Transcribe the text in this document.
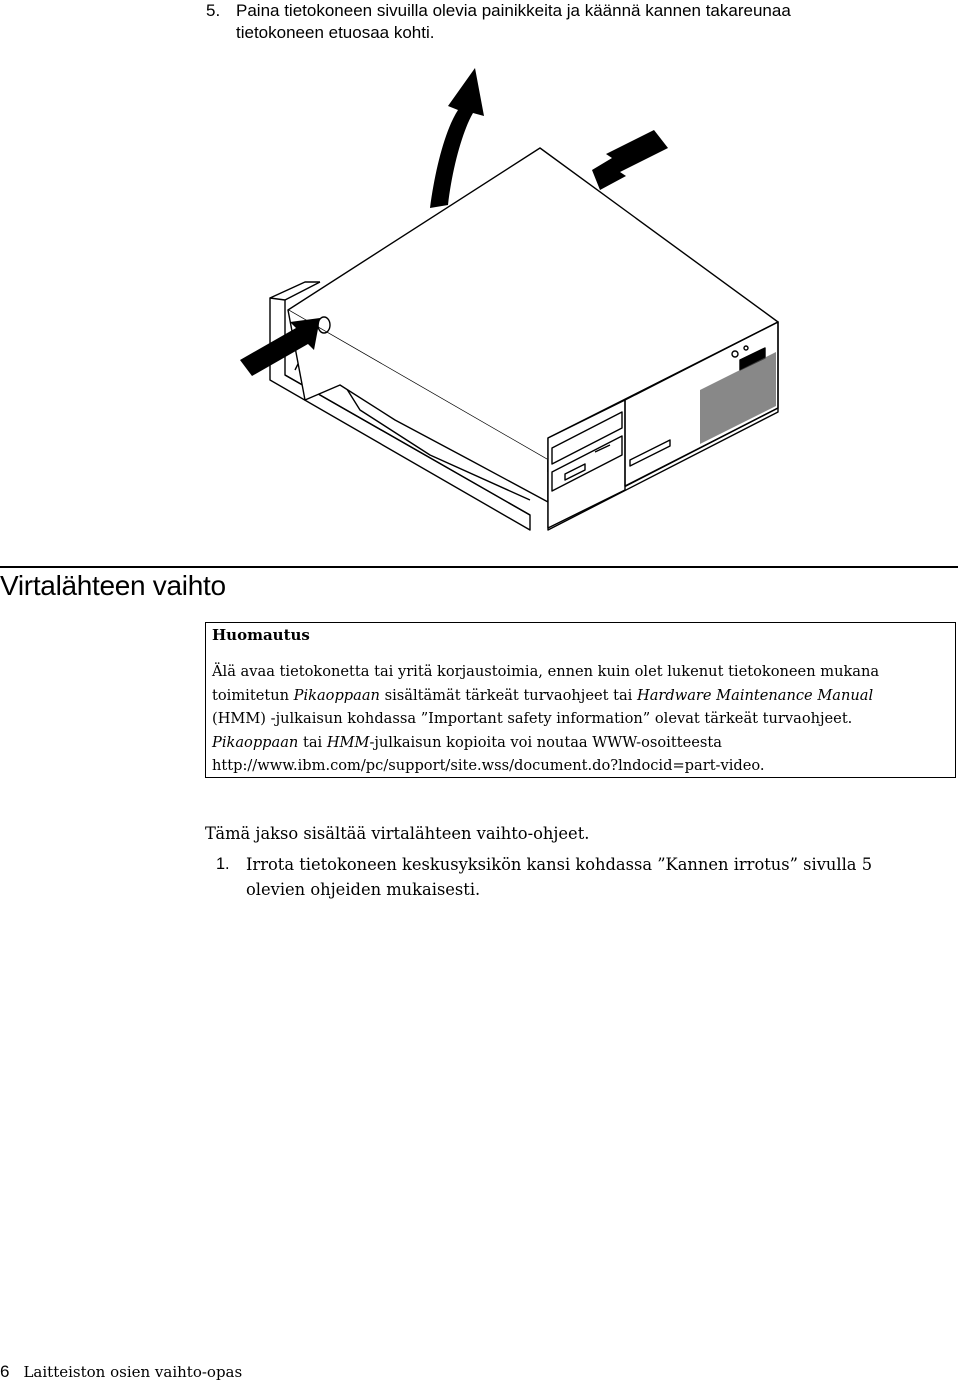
5. Paina tietokoneen sivuilla olevia painikkeita ja käännä kannen takareunaa
tietokoneen etuosaa kohti.
Virtalähteen vaihto
Huomautus
Älä avaa tietokonetta tai yritä korjaustoimia, ennen kuin olet lukenut tietokoneen mukana
toimitetun Pikaoppaan sisältämät tärkeät turvaohjeet tai Hardware Maintenance Manual
(HMM) -julkaisun kohdassa ”Important safety information” olevat tärkeät turvaohjeet.
Pikaoppaan tai HMM-julkaisun kopioita voi noutaa WWW-osoitteesta
http://www.ibm.com/pc/support/site.wss/document.do?lndocid=part-video.
Tämä jakso sisältää virtalähteen vaihto-ohjeet.
1. Irrota tietokoneen keskusyksikön kansi kohdassa ”Kannen irrotus” sivulla 5
olevien ohjeiden mukaisesti.
6 Laitteiston osien vaihto-opas
